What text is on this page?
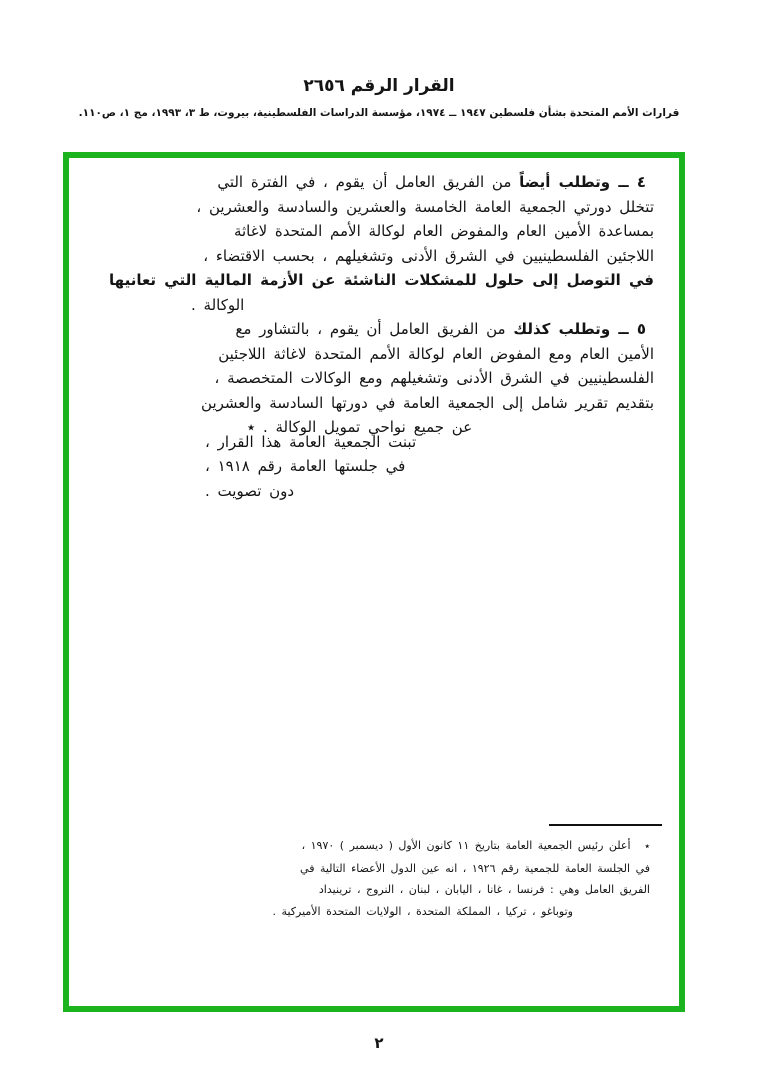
القرار الرقم ٢٦٥٦
قرارات الأمم المتحدة بشأن فلسطين ١٩٤٧ ــ ١٩٧٤، مؤسسة الدراسات الفلسطينية، بيروت، ط ٣، ١٩٩٣، مج ١، ص١١٠.
٤ ــ وتطلب أيضاً من الفريق العامل أن يقوم ، في الفترة التي
تتخلل دورتي الجمعية العامة الخامسة والعشرين والسادسة والعشرين ،
بمساعدة الأمين العام والمفوض العام لوكالة الأمم المتحدة لاغاثة
اللاجئين الفلسطينيين في الشرق الأدنى وتشغيلهم ، بحسب الاقتضاء ،
في التوصل إلى حلول للمشكلات الناشئة عن الأزمة المالية التي تعانيها
الوكالة .
٥ ــ وتطلب كذلك من الفريق العامل أن يقوم ، بالتشاور مع
الأمين العام ومع المفوض العام لوكالة الأمم المتحدة لاغاثة اللاجئين
الفلسطينيين في الشرق الأدنى وتشغيلهم ومع الوكالات المتخصصة ،
بتقديم تقرير شامل إلى الجمعية العامة في دورتها السادسة والعشرين
عن جميع نواحي تمويل الوكالة . ٭
تبنت الجمعية العامة هذا القرار ،
في جلستها العامة رقم ١٩١٨ ،
دون تصويت .
٭أعلن رئيس الجمعية العامة بتاريخ ١١ كانون الأول ( ديسمبر ) ١٩٧٠ ،
في الجلسة العامة للجمعية رقم ١٩٢٦ ، انه عين الدول الأعضاء التالية في
الفريق العامل وهي : فرنسا ، غانا ، اليابان ، لبنان ، النروج ، ترينيداد
وتوباغو ، تركيا ، المملكة المتحدة ، الولايات المتحدة الأميركية .
٢
